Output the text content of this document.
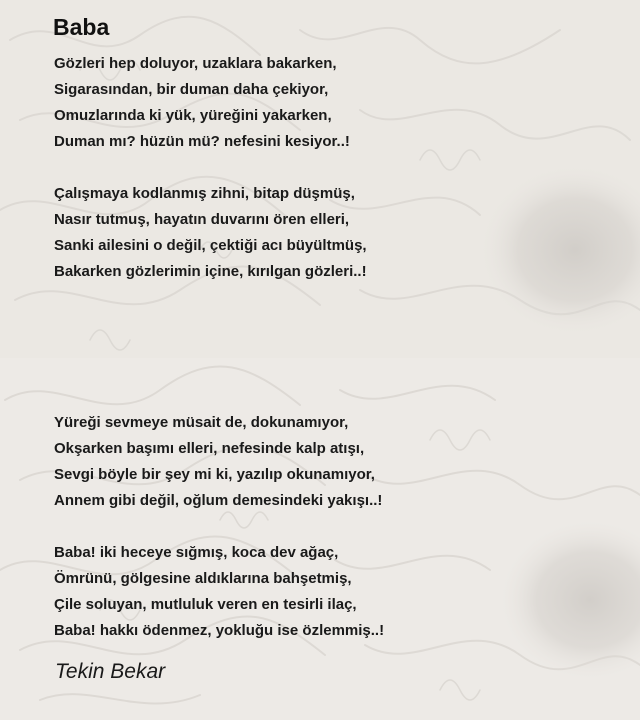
Baba
Gözleri hep doluyor, uzaklara bakarken,
Sigarasından, bir duman daha çekiyor,
Omuzlarında ki yük, yüreğini yakarken,
Duman mı? hüzün mü? nefesini kesiyor..!
Çalışmaya kodlanmış zihni, bitap düşmüş,
Nasır tutmuş, hayatın duvarını ören elleri,
Sanki ailesini o değil, çektiği acı büyültmüş,
Bakarken gözlerimin içine, kırılgan gözleri..!
Yüreği sevmeye müsait de, dokunamıyor,
Okşarken başımı elleri, nefesinde kalp atışı,
Sevgi böyle bir şey mi ki, yazılıp okunamıyor,
Annem gibi değil, oğlum demesindeki yakışı..!
Baba! iki heceye sığmış, koca dev ağaç,
Ömrünü, gölgesine aldıklarına bahşetmiş,
Çile soluyan, mutluluk veren en tesirli ilaç,
Baba! hakkı ödenmez, yokluğu ise özlemmiş..!

Tekin Bekar
